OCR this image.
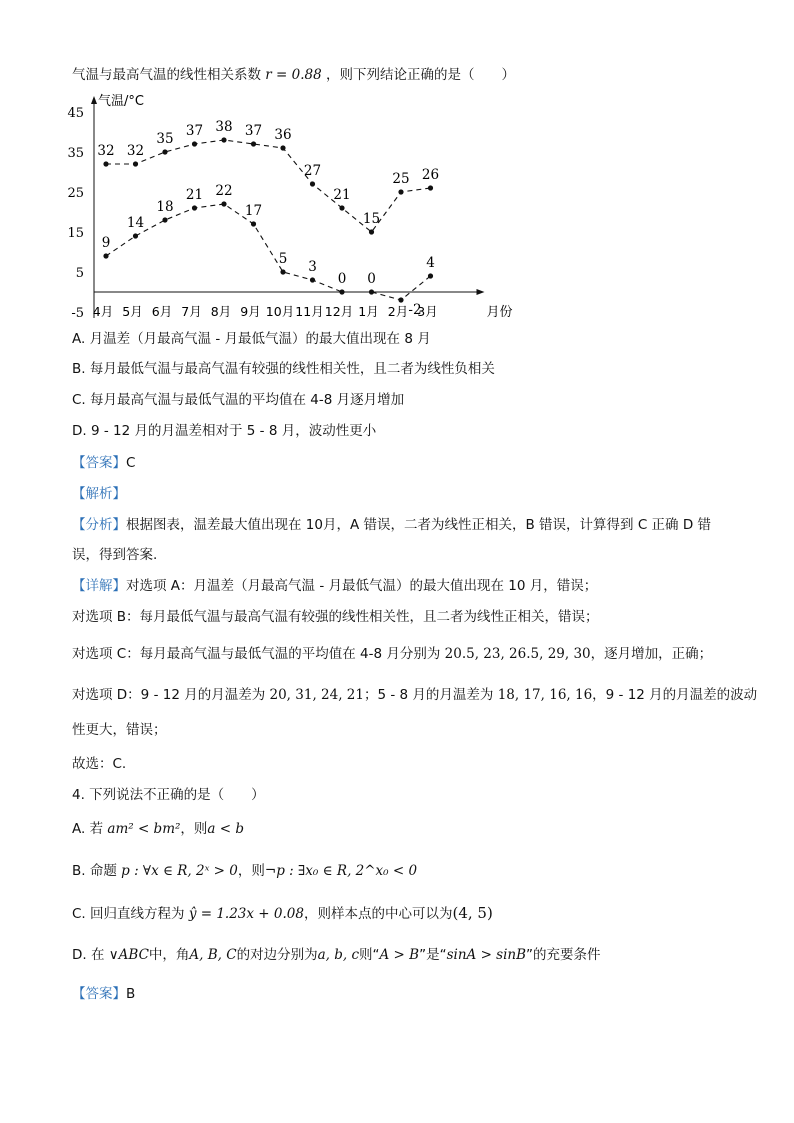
气温与最高气温的线性相关系数 r = 0.88 ，则下列结论正确的是（　　）
气温/°C
月份
45
35
25
15
5
-5 4月 5月 6月 7月 8月 9月 10月 11月 12月 1月 2月 3月
32 32
35 37 38 37 36
27
21
15
25 26
9
14
18
21 22
17
5 3
0 0
-2
4
A. 月温差（月最高气温 - 月最低气温）的最大值出现在 8 月
B. 每月最低气温与最高气温有较强的线性相关性，且二者为线性负相关
C. 每月最高气温与最低气温的平均值在 4-8 月逐月增加
D. 9 - 12 月的月温差相对于 5 - 8 月，波动性更小
【答案】C
【解析】
【分析】根据图表，温差最大值出现在 10月，A 错误，二者为线性正相关，B 错误，计算得到 C 正确 D 错
误，得到答案.
【详解】对选项 A：月温差（月最高气温 - 月最低气温）的最大值出现在 10 月，错误；
对选项 B：每月最低气温与最高气温有较强的线性相关性，且二者为线性正相关，错误；
对选项 C：每月最高气温与最低气温的平均值在 4-8 月分别为 20.5, 23, 26.5, 29, 30，逐月增加，正确；
对选项 D：9 - 12 月的月温差为 20, 31, 24, 21；5 - 8 月的月温差为 18, 17, 16, 16，9 - 12 月的月温差的波动
性更大，错误；
故选：C.
4. 下列说法不正确的是（　　）
A. 若 am² < bm²，则a < b
B. 命题 p : ∀x ∈ R, 2ˣ > 0，则¬p : ∃x₀ ∈ R, 2^x₀ < 0
C. 回归直线方程为 ŷ = 1.23x + 0.08，则样本点的中心可以为(4, 5)
D. 在 ∨ABC中，角A, B, C的对边分别为a, b, c则“A > B”是“sinA > sinB”的充要条件
【答案】B
